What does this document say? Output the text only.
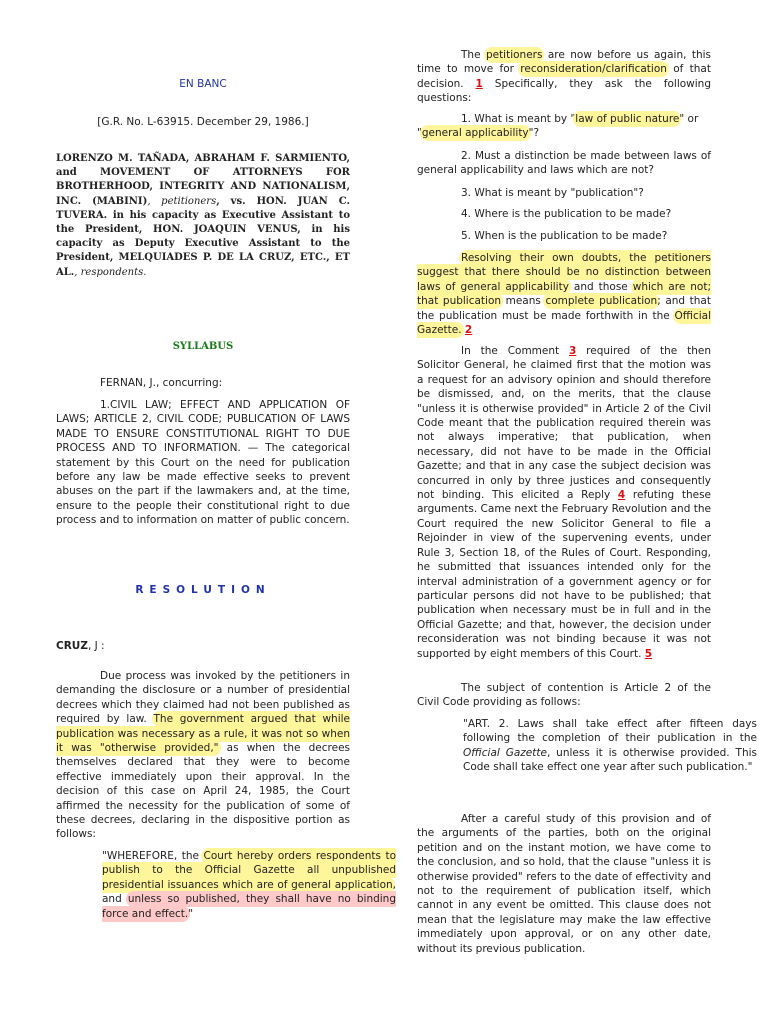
EN BANC

[G.R. No. L-63915. December 29, 1986.]

LORENZO M. TAÑADA, ABRAHAM F. SARMIENTO, and MOVEMENT OF ATTORNEYS FOR BROTHERHOOD, INTEGRITY AND NATIONALISM, INC. (MABINI), petitioners, vs. HON. JUAN C. TUVERA. in his capacity as Executive Assistant to the President, HON. JOAQUIN VENUS, in his capacity as Deputy Executive Assistant to the President, MELQUIADES P. DE LA CRUZ, ETC., ET AL., respondents.

SYLLABUS

FERNAN, J., concurring:

1.CIVIL LAW; EFFECT AND APPLICATION OF LAWS; ARTICLE 2, CIVIL CODE; PUBLICATION OF LAWS MADE TO ENSURE CONSTITUTIONAL RIGHT TO DUE PROCESS AND TO INFORMATION. — The categorical statement by this Court on the need for publication before any law be made effective seeks to prevent abuses on the part if the lawmakers and, at the time, ensure to the people their constitutional right to due process and to information on matter of public concern.

RESOLUTION

CRUZ, J :

Due process was invoked by the petitioners in demanding the disclosure or a number of presidential decrees which they claimed had not been published as required by law. The government argued that while publication was necessary as a rule, it was not so when it was "otherwise provided," as when the decrees themselves declared that they were to become effective immediately upon their approval. In the decision of this case on April 24, 1985, the Court affirmed the necessity for the publication of some of these decrees, declaring in the dispositive portion as follows:

"WHEREFORE, the Court hereby orders respondents to publish to the Official Gazette all unpublished presidential issuances which are of general application, and unless so published, they shall have no binding force and effect."

The petitioners are now before us again, this time to move for reconsideration/clarification of that decision. 1 Specifically, they ask the following questions:

1. What is meant by "law of public nature" or "general applicability"?

2. Must a distinction be made between laws of general applicability and laws which are not?

3. What is meant by "publication"?

4. Where is the publication to be made?

5. When is the publication to be made?

Resolving their own doubts, the petitioners suggest that there should be no distinction between laws of general applicability and those which are not; that publication means complete publication; and that the publication must be made forthwith in the Official Gazette. 2

In the Comment 3 required of the then Solicitor General, he claimed first that the motion was a request for an advisory opinion and should therefore be dismissed, and, on the merits, that the clause "unless it is otherwise provided" in Article 2 of the Civil Code meant that the publication required therein was not always imperative; that publication, when necessary, did not have to be made in the Official Gazette; and that in any case the subject decision was concurred in only by three justices and consequently not binding. This elicited a Reply 4 refuting these arguments. Came next the February Revolution and the Court required the new Solicitor General to file a Rejoinder in view of the supervening events, under Rule 3, Section 18, of the Rules of Court. Responding, he submitted that issuances intended only for the interval administration of a government agency or for particular persons did not have to be published; that publication when necessary must be in full and in the Official Gazette; and that, however, the decision under reconsideration was not binding because it was not supported by eight members of this Court. 5

The subject of contention is Article 2 of the Civil Code providing as follows:

"ART. 2. Laws shall take effect after fifteen days following the completion of their publication in the Official Gazette, unless it is otherwise provided. This Code shall take effect one year after such publication."

After a careful study of this provision and of the arguments of the parties, both on the original petition and on the instant motion, we have come to the conclusion, and so hold, that the clause "unless it is otherwise provided" refers to the date of effectivity and not to the requirement of publication itself, which cannot in any event be omitted. This clause does not mean that the legislature may make the law effective immediately upon approval, or on any other date, without its previous publication.
